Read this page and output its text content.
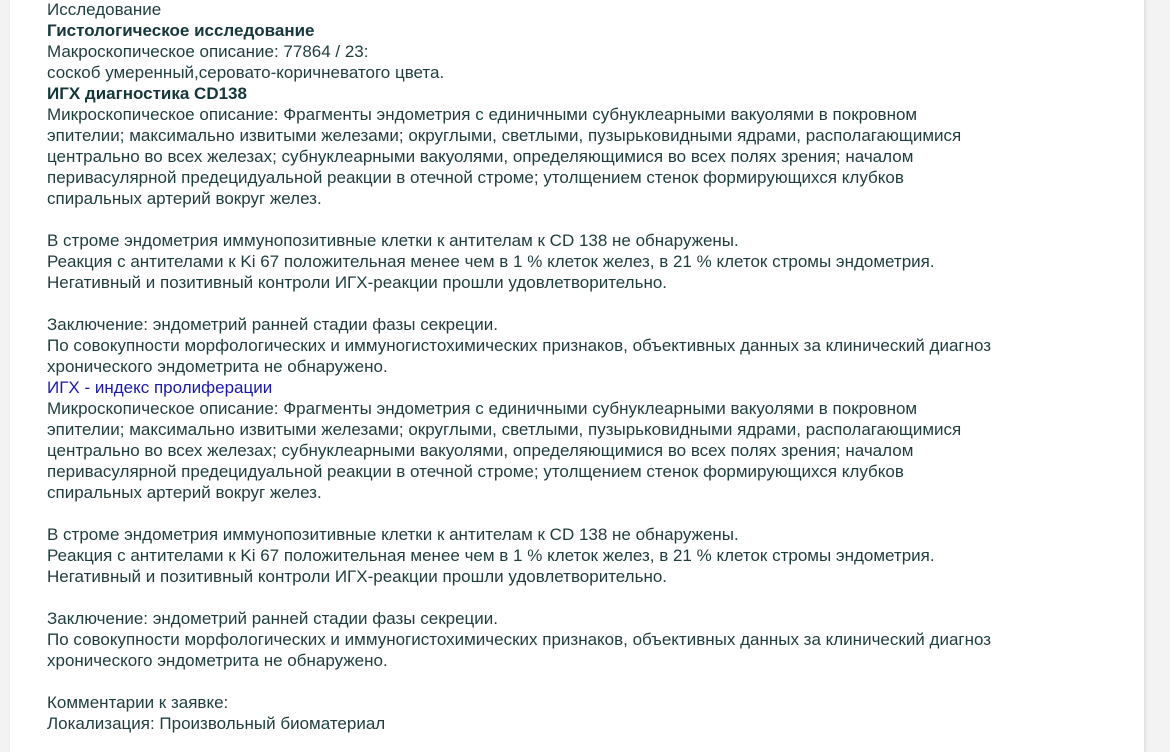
Исследование
Гистологическое исследование
Макроскопическое описание: 77864 / 23:
соскоб умеренный,серовато-коричневатого цвета.
ИГХ диагностика CD138
Микроскопическое описание: Фрагменты эндометрия с единичными субнуклеарными вакуолями в покровном
эпителии; максимально извитыми железами; округлыми, светлыми, пузырьковидными ядрами, располагающимися
центрально во всех железах; субнуклеарными вакуолями, определяющимися во всех полях зрения; началом
перивасулярной предецидуальной реакции в отечной строме; утолщением стенок формирующихся клубков
спиральных артерий вокруг желез.
В строме эндометрия иммунопозитивные клетки к антителам к CD 138 не обнаружены.
Реакция с антителами к Ki 67 положительная менее чем в 1 % клеток желез, в 21 % клеток стромы эндометрия.
Негативный и позитивный контроли ИГХ-реакции прошли удовлетворительно.
Заключение: эндометрий ранней стадии фазы секреции.
По совокупности морфологических и иммуногистохимических признаков, объективных данных за клинический диагноз
хронического эндометрита не обнаружено.
ИГХ - индекс пролиферации
Микроскопическое описание: Фрагменты эндометрия с единичными субнуклеарными вакуолями в покровном
эпителии; максимально извитыми железами; округлыми, светлыми, пузырьковидными ядрами, располагающимися
центрально во всех железах; субнуклеарными вакуолями, определяющимися во всех полях зрения; началом
перивасулярной предецидуальной реакции в отечной строме; утолщением стенок формирующихся клубков
спиральных артерий вокруг желез.
В строме эндометрия иммунопозитивные клетки к антителам к CD 138 не обнаружены.
Реакция с антителами к Ki 67 положительная менее чем в 1 % клеток желез, в 21 % клеток стромы эндометрия.
Негативный и позитивный контроли ИГХ-реакции прошли удовлетворительно.
Заключение: эндометрий ранней стадии фазы секреции.
По совокупности морфологических и иммуногистохимических признаков, объективных данных за клинический диагноз
хронического эндометрита не обнаружено.
Комментарии к заявке:
Локализация: Произвольный биоматериал
